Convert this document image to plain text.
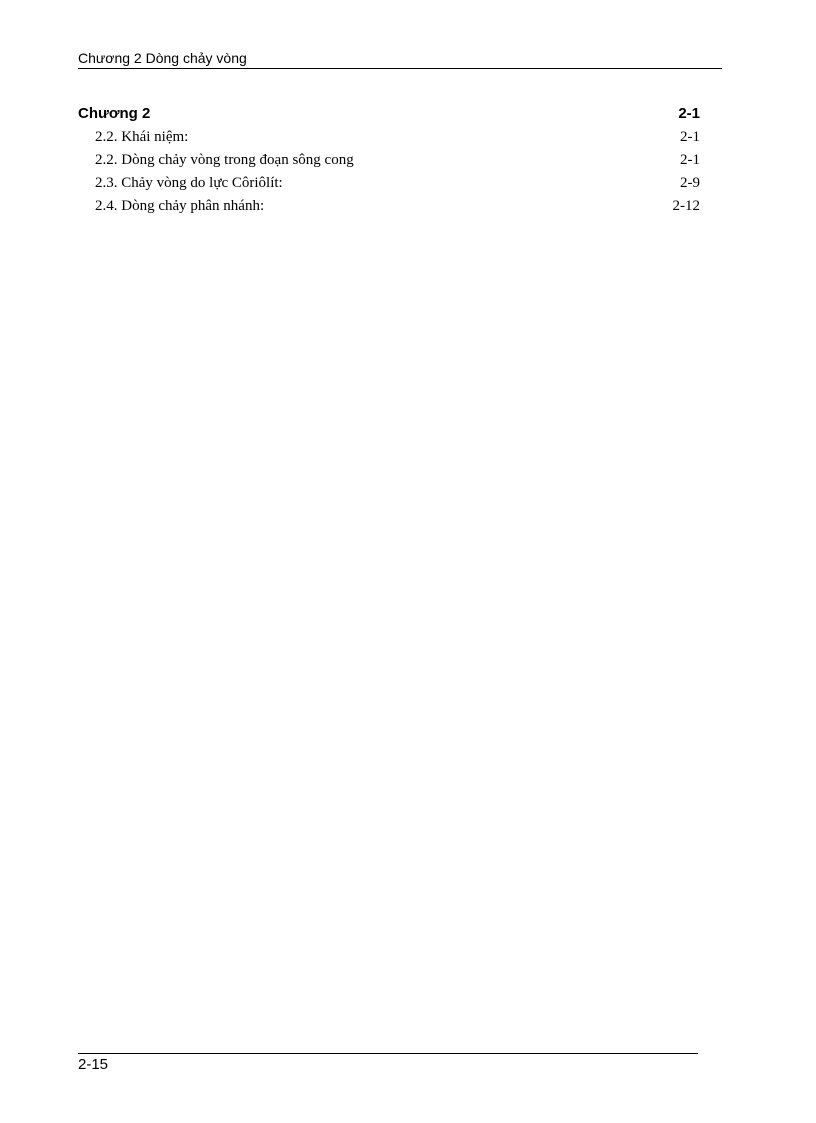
Chương 2 Dòng chảy vòng
Chương 2	2-1
2.2. Khái niệm:	2-1
2.2. Dòng chảy vòng trong đoạn sông cong	2-1
2.3. Chảy vòng do lực Côriôlít:	2-9
2.4. Dòng chảy phân nhánh:	2-12
2-15
